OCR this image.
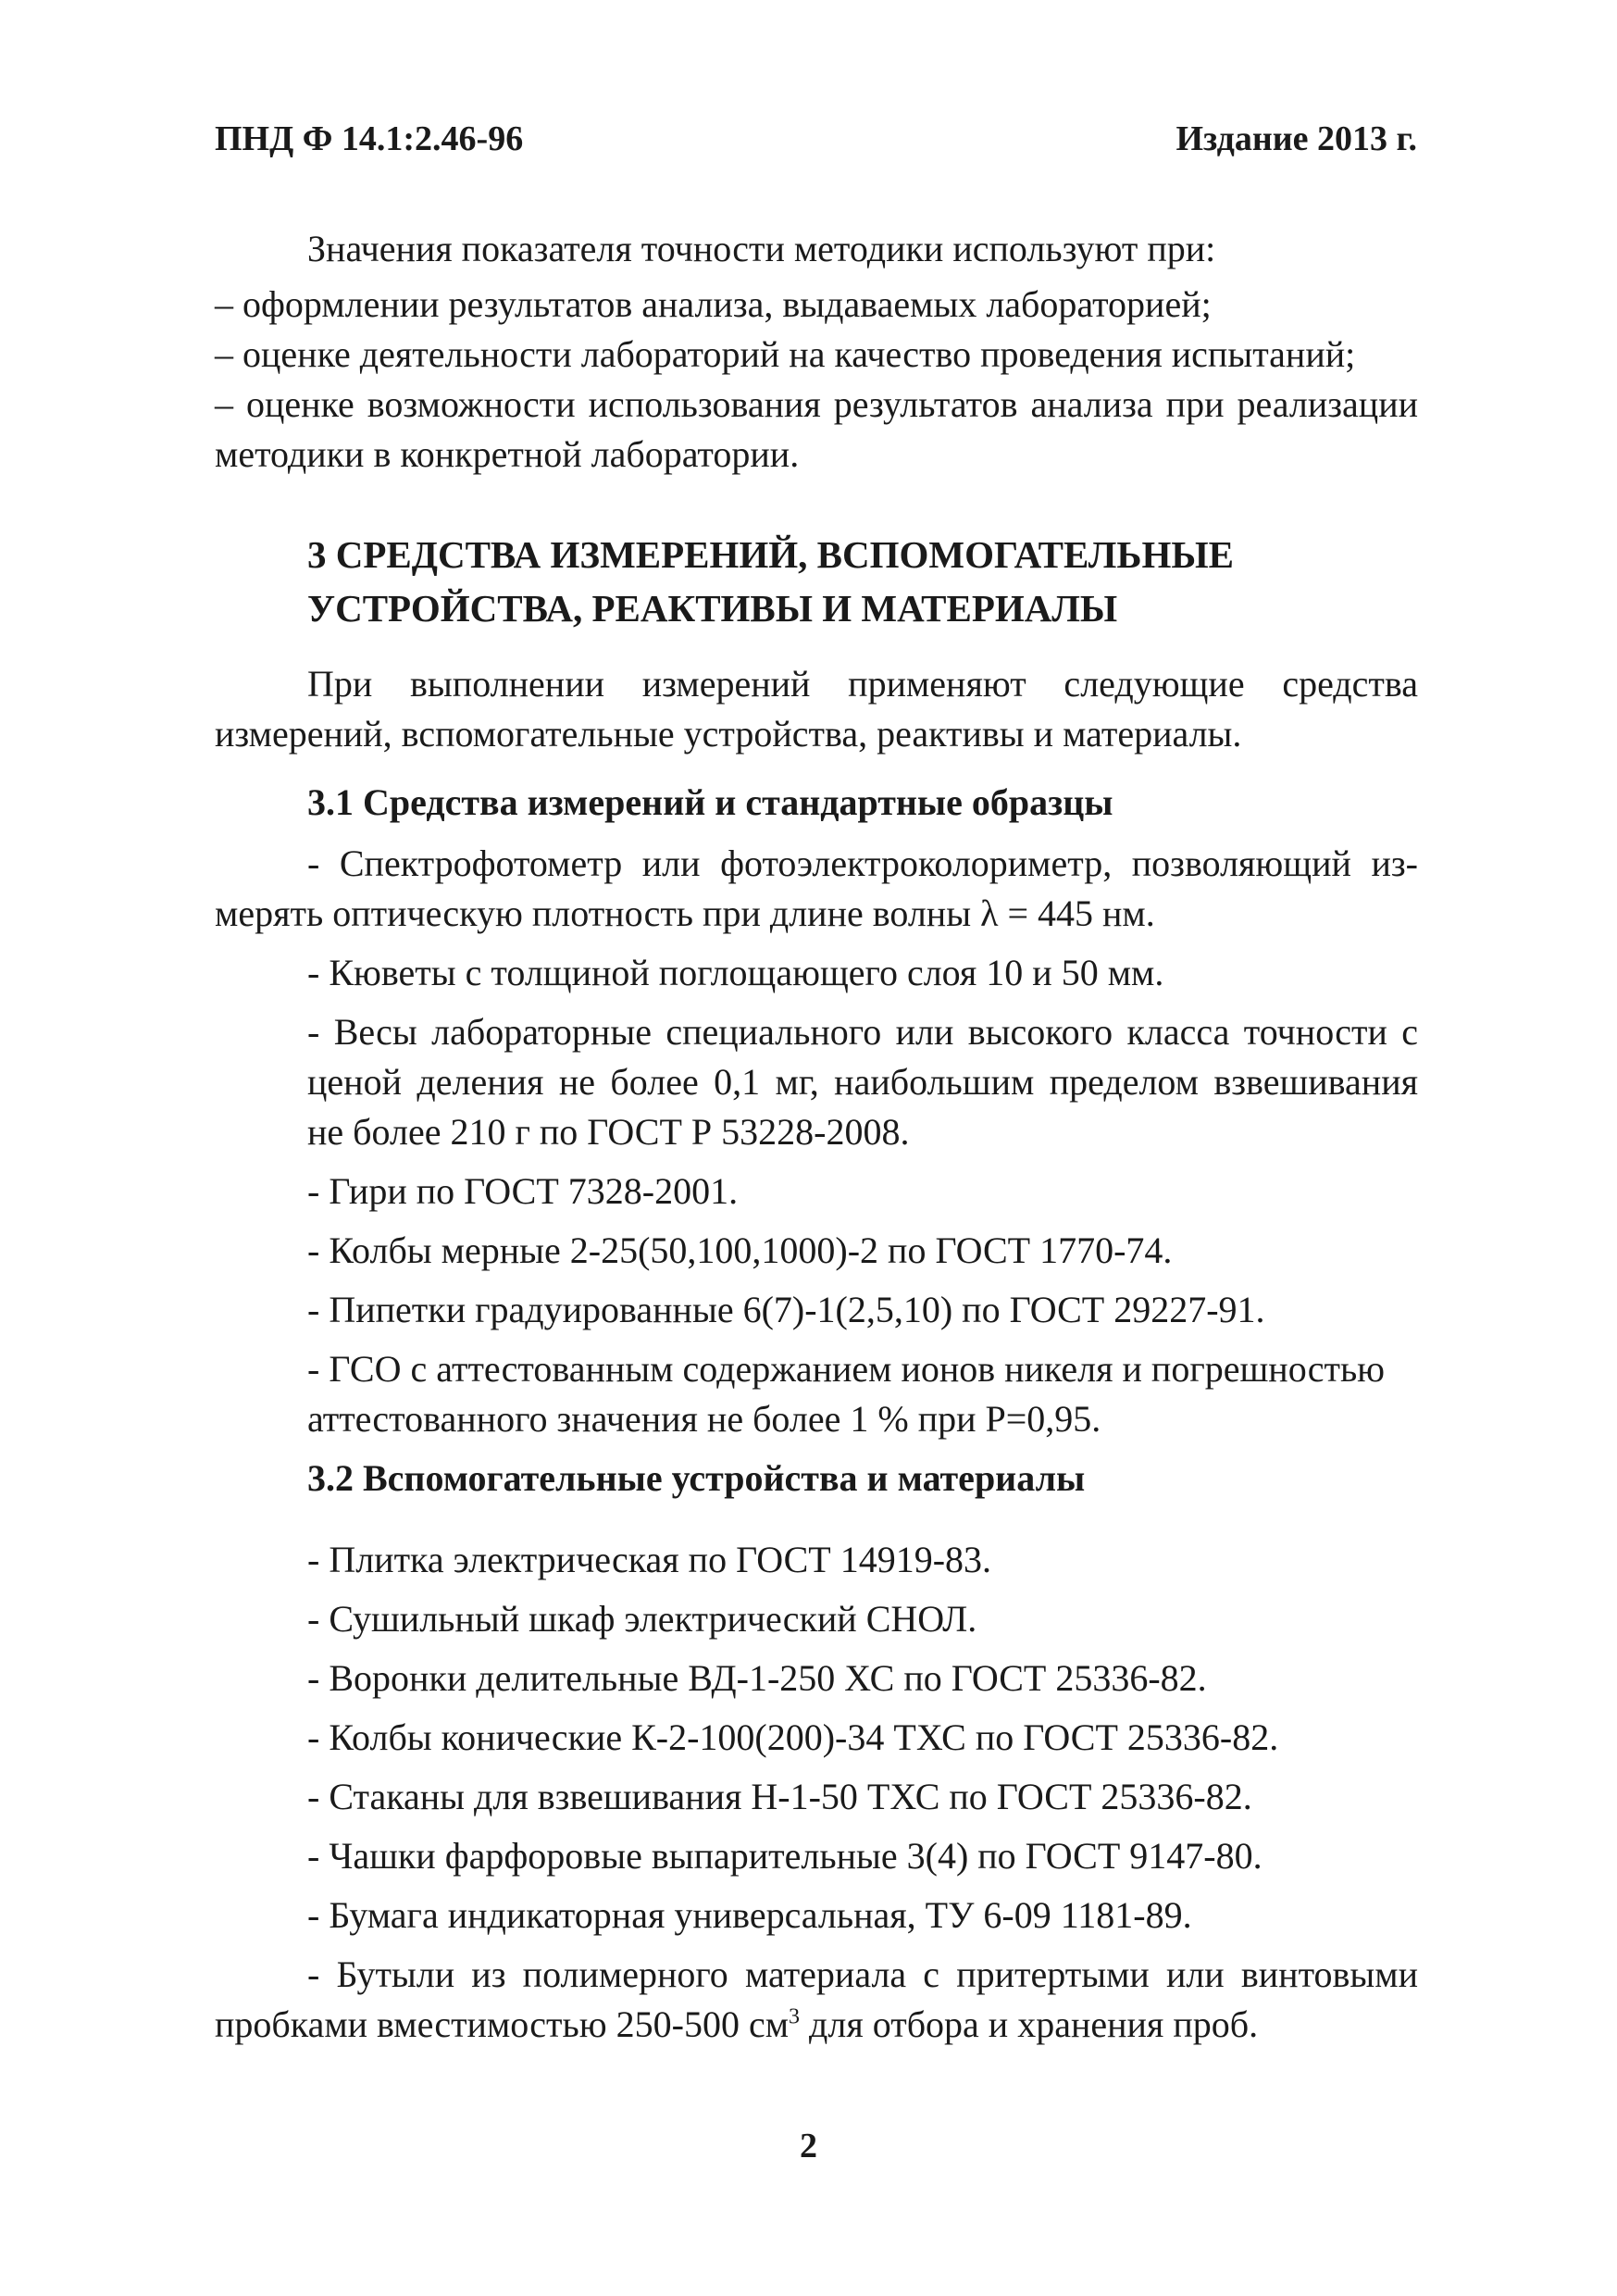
ПНД Ф 14.1:2.46-96	Издание 2013 г.
Значения показателя точности методики используют при:
– оформлении результатов анализа, выдаваемых лабораторией;
– оценке деятельности лабораторий на качество проведения испытаний;
– оценке возможности использования результатов анализа при реализации
методики в конкретной лаборатории.
3 СРЕДСТВА ИЗМЕРЕНИЙ, ВСПОМОГАТЕЛЬНЫЕ
УСТРОЙСТВА, РЕАКТИВЫ И МАТЕРИАЛЫ
При выполнении измерений применяют следующие средства
измерений, вспомогательные устройства, реактивы и материалы.
3.1 Средства измерений и стандартные образцы
- Спектрофотометр или фотоэлектроколориметр, позволяющий из-
мерять оптическую плотность при длине волны λ = 445 нм.
- Кюветы с толщиной поглощающего слоя 10 и 50 мм.
- Весы лабораторные специального или высокого класса точности с
ценой деления не более 0,1 мг, наибольшим пределом взвешивания
не более 210 г по ГОСТ Р 53228-2008.
- Гири по ГОСТ 7328-2001.
- Колбы мерные 2-25(50,100,1000)-2 по ГОСТ 1770-74.
- Пипетки градуированные 6(7)-1(2,5,10) по ГОСТ 29227-91.
- ГСО с аттестованным содержанием ионов никеля и погрешностью
аттестованного значения не более 1 % при Р=0,95.
3.2 Вспомогательные устройства и материалы
- Плитка электрическая по ГОСТ 14919-83.
- Сушильный шкаф электрический СНОЛ.
- Воронки делительные ВД-1-250 ХС по ГОСТ 25336-82.
- Колбы конические К-2-100(200)-34 ТХС по ГОСТ 25336-82.
- Стаканы для взвешивания Н-1-50 ТХС по ГОСТ 25336-82.
- Чашки фарфоровые выпарительные 3(4) по ГОСТ 9147-80.
- Бумага индикаторная универсальная, ТУ 6-09 1181-89.
- Бутыли из полимерного материала с притертыми или винтовыми
пробками вместимостью 250-500 $см^3$ для отбора и хранения проб.
2
